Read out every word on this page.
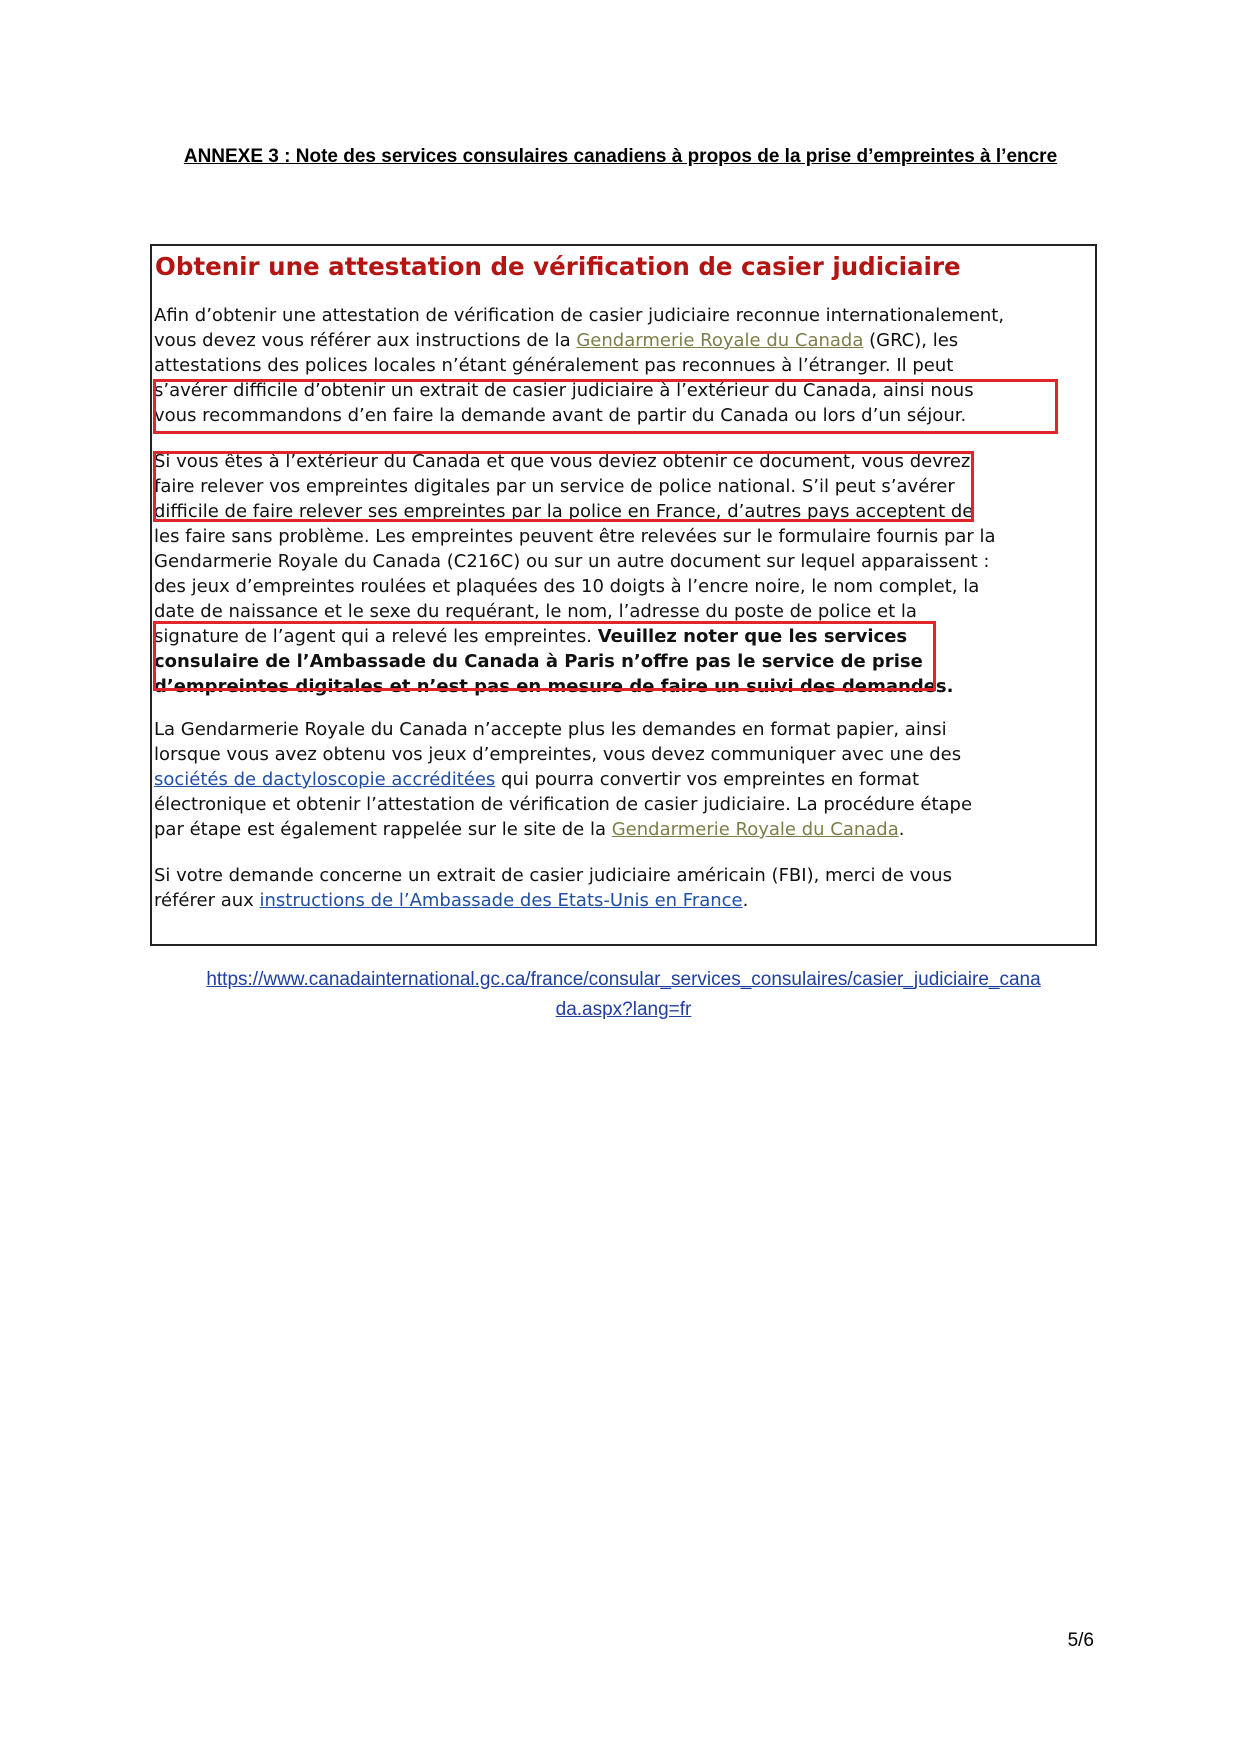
ANNEXE 3 : Note des services consulaires canadiens à propos de la prise d’empreintes à l’encre
Obtenir une attestation de vérification de casier judiciaire
Afin d’obtenir une attestation de vérification de casier judiciaire reconnue internationalement,
vous devez vous référer aux instructions de la Gendarmerie Royale du Canada (GRC), les
attestations des polices locales n’étant généralement pas reconnues à l’étranger. Il peut
s’avérer difficile d’obtenir un extrait de casier judiciaire à l’extérieur du Canada, ainsi nous
vous recommandons d’en faire la demande avant de partir du Canada ou lors d’un séjour.
Si vous êtes à l’extérieur du Canada et que vous deviez obtenir ce document, vous devrez
faire relever vos empreintes digitales par un service de police national. S’il peut s’avérer
difficile de faire relever ses empreintes par la police en France, d’autres pays acceptent de
les faire sans problème. Les empreintes peuvent être relevées sur le formulaire fournis par la
Gendarmerie Royale du Canada (C216C) ou sur un autre document sur lequel apparaissent :
des jeux d’empreintes roulées et plaquées des 10 doigts à l’encre noire, le nom complet, la
date de naissance et le sexe du requérant, le nom, l’adresse du poste de police et la
signature de l’agent qui a relevé les empreintes. Veuillez noter que les services
consulaire de l’Ambassade du Canada à Paris n’offre pas le service de prise
d’empreintes digitales et n’est pas en mesure de faire un suivi des demandes.
La Gendarmerie Royale du Canada n’accepte plus les demandes en format papier, ainsi
lorsque vous avez obtenu vos jeux d’empreintes, vous devez communiquer avec une des
sociétés de dactyloscopie accréditées qui pourra convertir vos empreintes en format
électronique et obtenir l’attestation de vérification de casier judiciaire. La procédure étape
par étape est également rappelée sur le site de la Gendarmerie Royale du Canada.
Si votre demande concerne un extrait de casier judiciaire américain (FBI), merci de vous
référer aux instructions de l’Ambassade des Etats-Unis en France.
https://www.canadainternational.gc.ca/france/consular_services_consulaires/casier_judiciaire_cana
da.aspx?lang=fr
5/6
